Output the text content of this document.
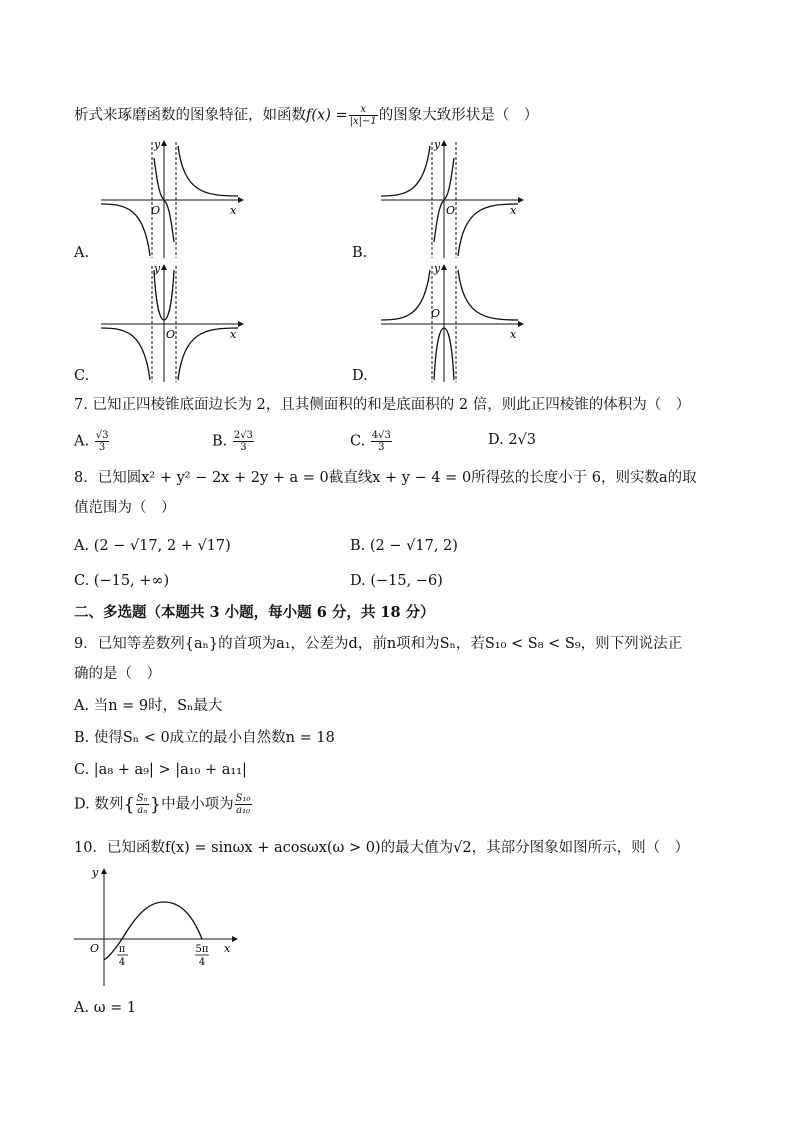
析式来琢磨函数的图象特征，如函数$f(x) = \frac{x}{|x|-1}$ 的图象大致形状是（　）
y
x
O
y
x
O
y
x
O
y
x
O
A.	B.
C.	D.
7. 已知正四棱锥底面边长为 2，且其侧面积的和是底面积的 2 倍，则此正四棱锥的体积为（　）
A. $\frac{√3}{3}$	B. $\frac{2√3}{3}$	C. $\frac{4√3}{3}$	D. 2√3
8．已知圆x² + y² − 2x + 2y + a = 0截直线x + y − 4 = 0所得弦的长度小于 6，则实数a的取
值范围为（　）
A. (2 − √17, 2 + √17)	B. (2 − √17, 2)
C. (−15, +∞)	D. (−15, −6)
二、多选题（本题共 3 小题，每小题 6 分，共 18 分）
9．已知等差数列{aₙ}的首项为a₁，公差为d，前n项和为Sₙ，若S₁₀ < S₈ < S₉，则下列说法正
确的是（　）
A. 当n = 9时，Sₙ最大
B. 使得Sₙ < 0成立的最小自然数n = 18
C. |a₈ + a₉| > |a₁₀ + a₁₁|
D. 数列{ $\frac{\text{Sₙ}}{\text{aₙ}}$ }中最小项为 $\frac{\text{S₁₀}}{\text{a₁₀}}$
10．已知函数f(x) = sinωx + acosωx(ω > 0)的最大值为√2，其部分图象如图所示，则（　）
y
x
O π
4
5π
4
A. ω = 1
